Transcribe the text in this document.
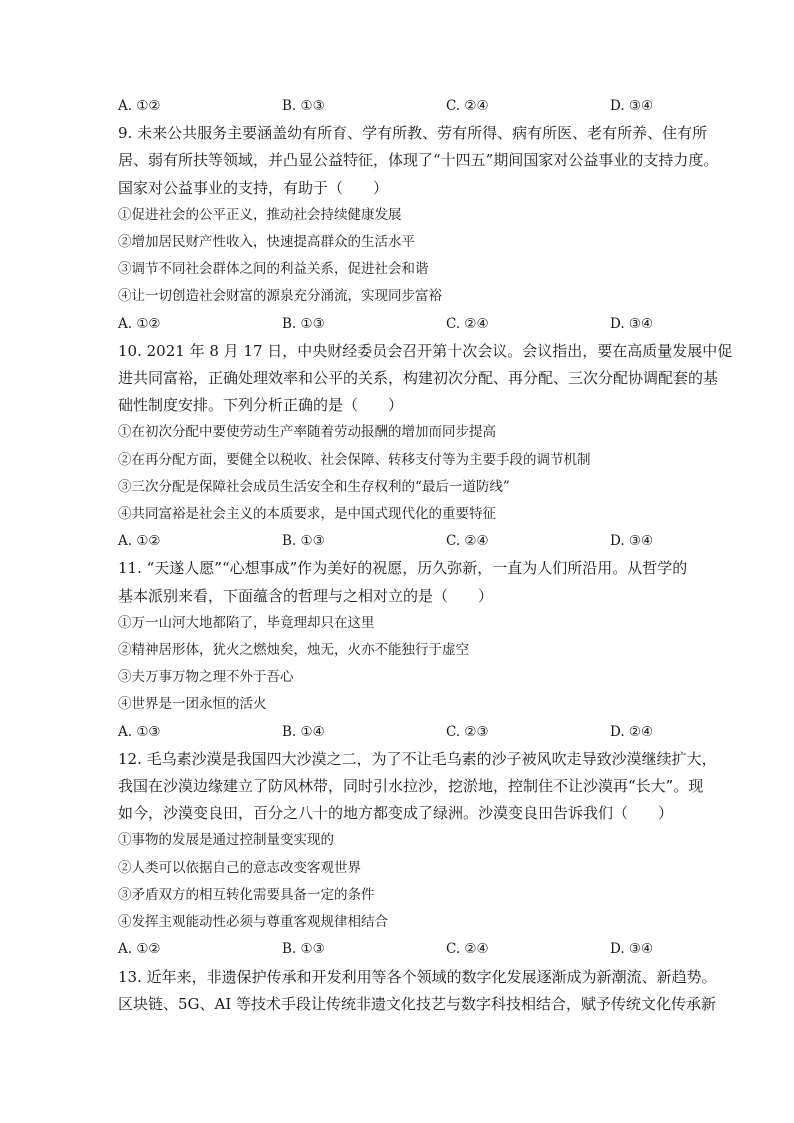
A. ①②	B. ①③	C. ②④	D. ③④
9. 未来公共服务主要涵盖幼有所育、学有所教、劳有所得、病有所医、老有所养、住有所
居、弱有所扶等领域，并凸显公益特征，体现了“十四五”期间国家对公益事业的支持力度。
国家对公益事业的支持，有助于（　　）
①促进社会的公平正义，推动社会持续健康发展
②增加居民财产性收入，快速提高群众的生活水平
③调节不同社会群体之间的利益关系，促进社会和谐
④让一切创造社会财富的源泉充分涌流，实现同步富裕
A. ①②	B. ①③	C. ②④	D. ③④
10. 2021 年 8 月 17 日，中央财经委员会召开第十次会议。会议指出，要在高质量发展中促
进共同富裕，正确处理效率和公平的关系，构建初次分配、再分配、三次分配协调配套的基
础性制度安排。下列分析正确的是（　　）
①在初次分配中要使劳动生产率随着劳动报酬的增加而同步提高
②在再分配方面，要健全以税收、社会保障、转移支付等为主要手段的调节机制
③三次分配是保障社会成员生活安全和生存权利的“最后一道防线”
④共同富裕是社会主义的本质要求，是中国式现代化的重要特征
A. ①②	B. ①③	C. ②④	D. ③④
11. “天遂人愿”“心想事成”作为美好的祝愿，历久弥新，一直为人们所沿用。从哲学的
基本派别来看，下面蕴含的哲理与之相对立的是（　　）
①万一山河大地都陷了，毕竟理却只在这里
②精神居形体，犹火之燃烛矣，烛无，火亦不能独行于虚空
③夫万事万物之理不外于吾心
④世界是一团永恒的活火
A. ①③	B. ①④	C. ②③	D. ②④
12. 毛乌素沙漠是我国四大沙漠之二，为了不让毛乌素的沙子被风吹走导致沙漠继续扩大，
我国在沙漠边缘建立了防风林带，同时引水拉沙，挖淤地，控制住不让沙漠再“长大”。现
如今，沙漠变良田，百分之八十的地方都变成了绿洲。沙漠变良田告诉我们（　　）
①事物的发展是通过控制量变实现的
②人类可以依据自己的意志改变客观世界
③矛盾双方的相互转化需要具备一定的条件
④发挥主观能动性必须与尊重客观规律相结合
A. ①②	B. ①③	C. ②④	D. ③④
13. 近年来，非遗保护传承和开发利用等各个领域的数字化发展逐渐成为新潮流、新趋势。
区块链、5G、AI 等技术手段让传统非遗文化技艺与数字科技相结合，赋予传统文化传承新
